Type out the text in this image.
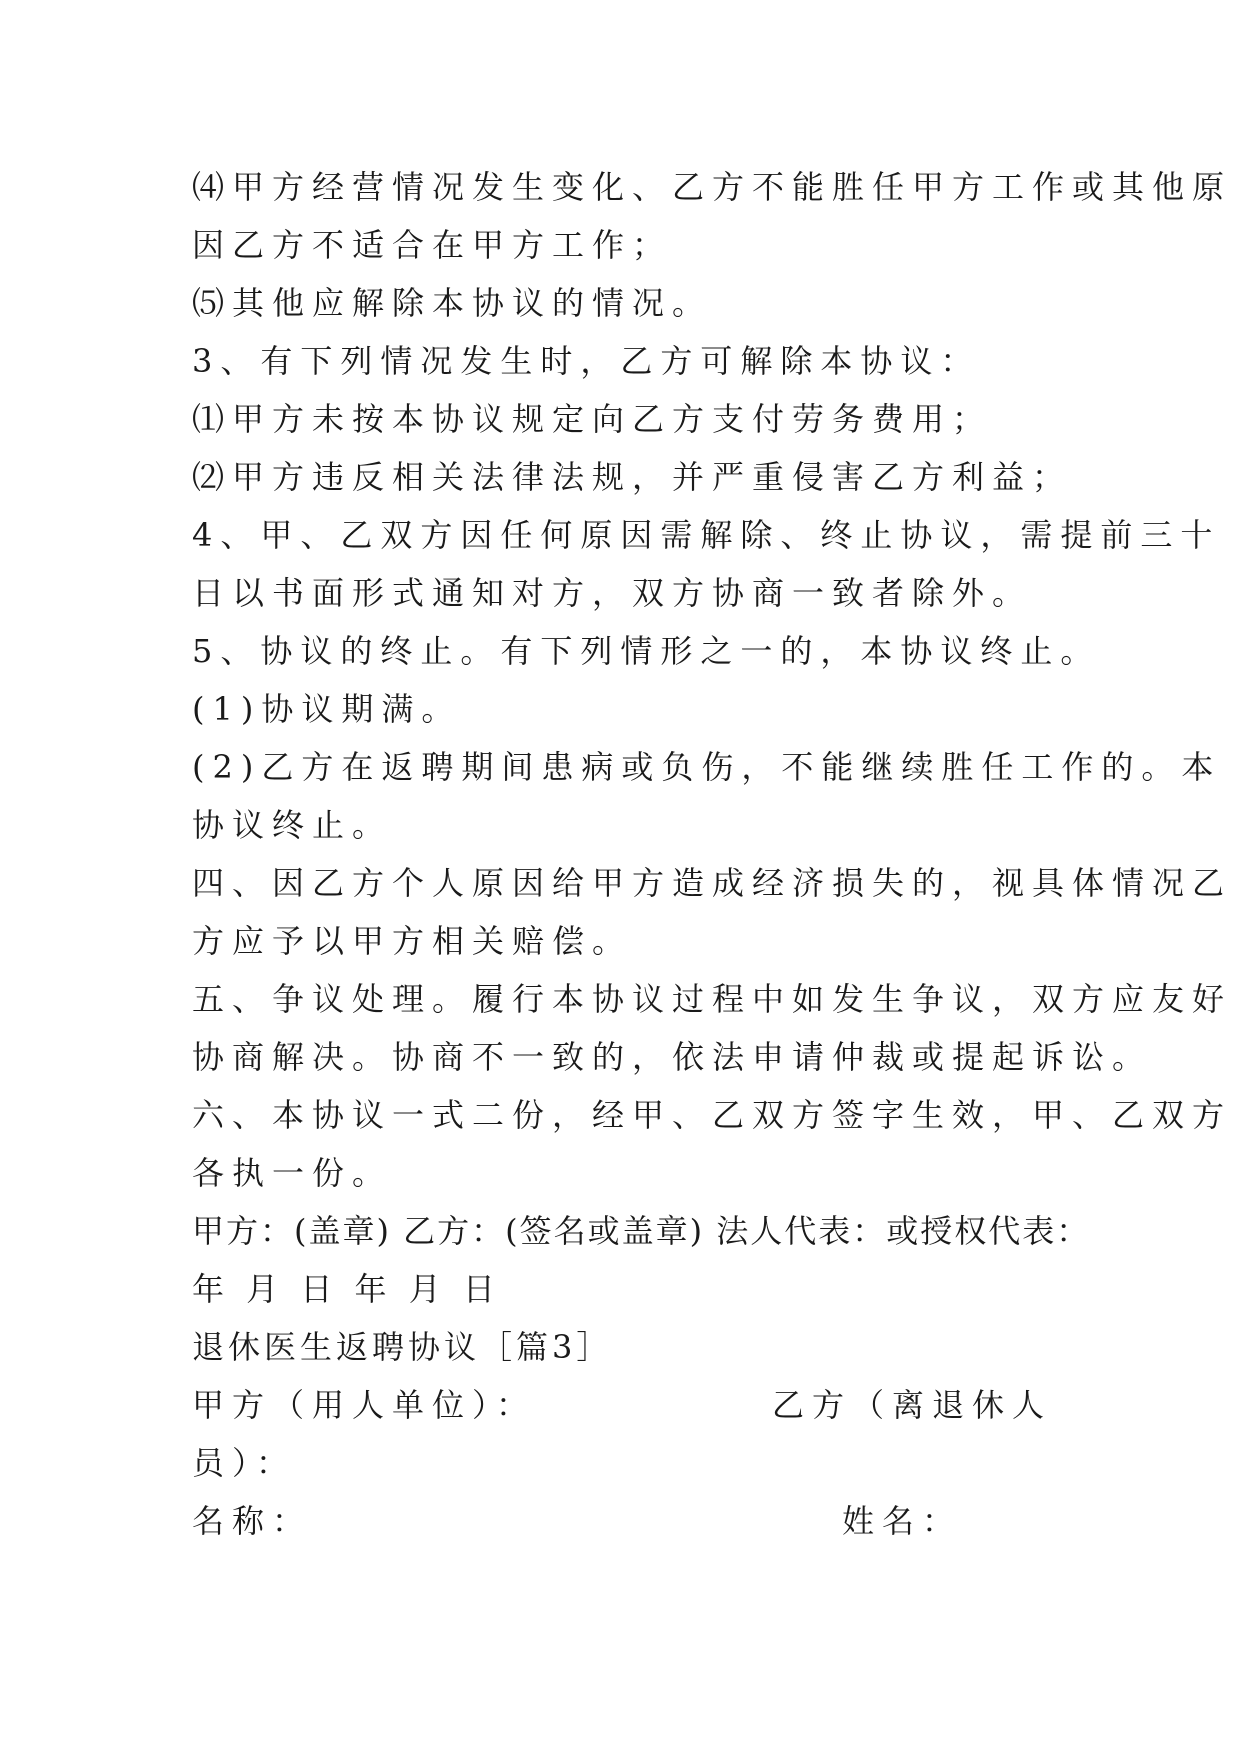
⑷甲方经营情况发生变化、乙方不能胜任甲方工作或其他原
因乙方不适合在甲方工作；
⑸其他应解除本协议的情况。
3、有下列情况发生时，乙方可解除本协议：
⑴甲方未按本协议规定向乙方支付劳务费用；
⑵甲方违反相关法律法规，并严重侵害乙方利益；
4、甲、乙双方因任何原因需解除、终止协议，需提前三十
日以书面形式通知对方，双方协商一致者除外。
5、协议的终止。有下列情形之一的，本协议终止。
(1)协议期满。
(2)乙方在返聘期间患病或负伤，不能继续胜任工作的。本
协议终止。
四、因乙方个人原因给甲方造成经济损失的，视具体情况乙
方应予以甲方相关赔偿。
五、争议处理。履行本协议过程中如发生争议，双方应友好
协商解决。协商不一致的，依法申请仲裁或提起诉讼。
六、本协议一式二份，经甲、乙双方签字生效，甲、乙双方
各执一份。
甲方：(盖章) 乙方：(签名或盖章) 法人代表：或授权代表：
年 月 日 年 月 日
退休医生返聘协议［篇3］
甲方（用人单位）：	乙方（离退休人
员）：
名称：	姓名：
